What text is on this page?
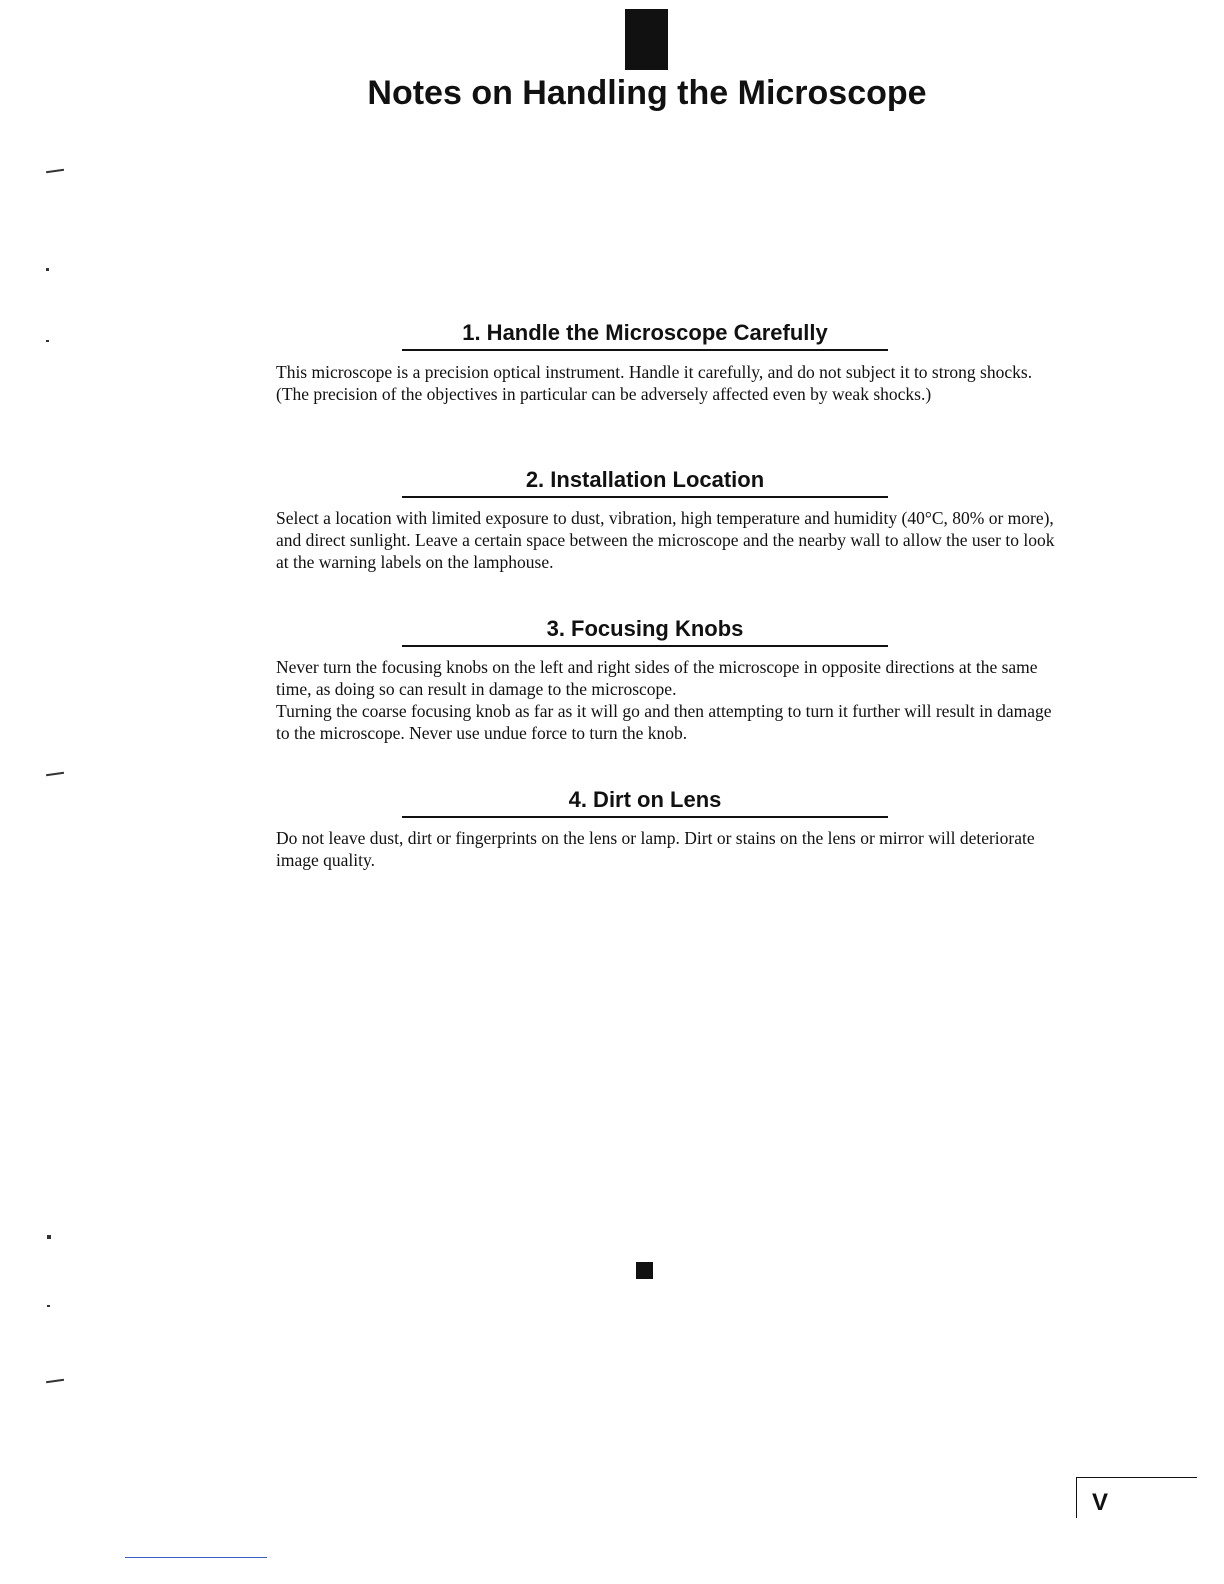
Notes on Handling the Microscope
1. Handle the Microscope Carefully

This microscope is a precision optical instrument. Handle it carefully, and do not subject it to strong shocks. (The precision of the objectives in particular can be adversely affected even by weak shocks.)

2. Installation Location

Select a location with limited exposure to dust, vibration, high temperature and humidity (40°C, 80% or more), and direct sunlight. Leave a certain space between the microscope and the nearby wall to allow the user to look at the warning labels on the lamphouse.

3. Focusing Knobs

Never turn the focusing knobs on the left and right sides of the microscope in opposite directions at the same time, as doing so can result in damage to the microscope.

Turning the coarse focusing knob as far as it will go and then attempting to turn it further will result in damage to the microscope. Never use undue force to turn the knob.

4. Dirt on Lens

Do not leave dust, dirt or fingerprints on the lens or lamp. Dirt or stains on the lens or mirror will deteriorate image quality.

V
